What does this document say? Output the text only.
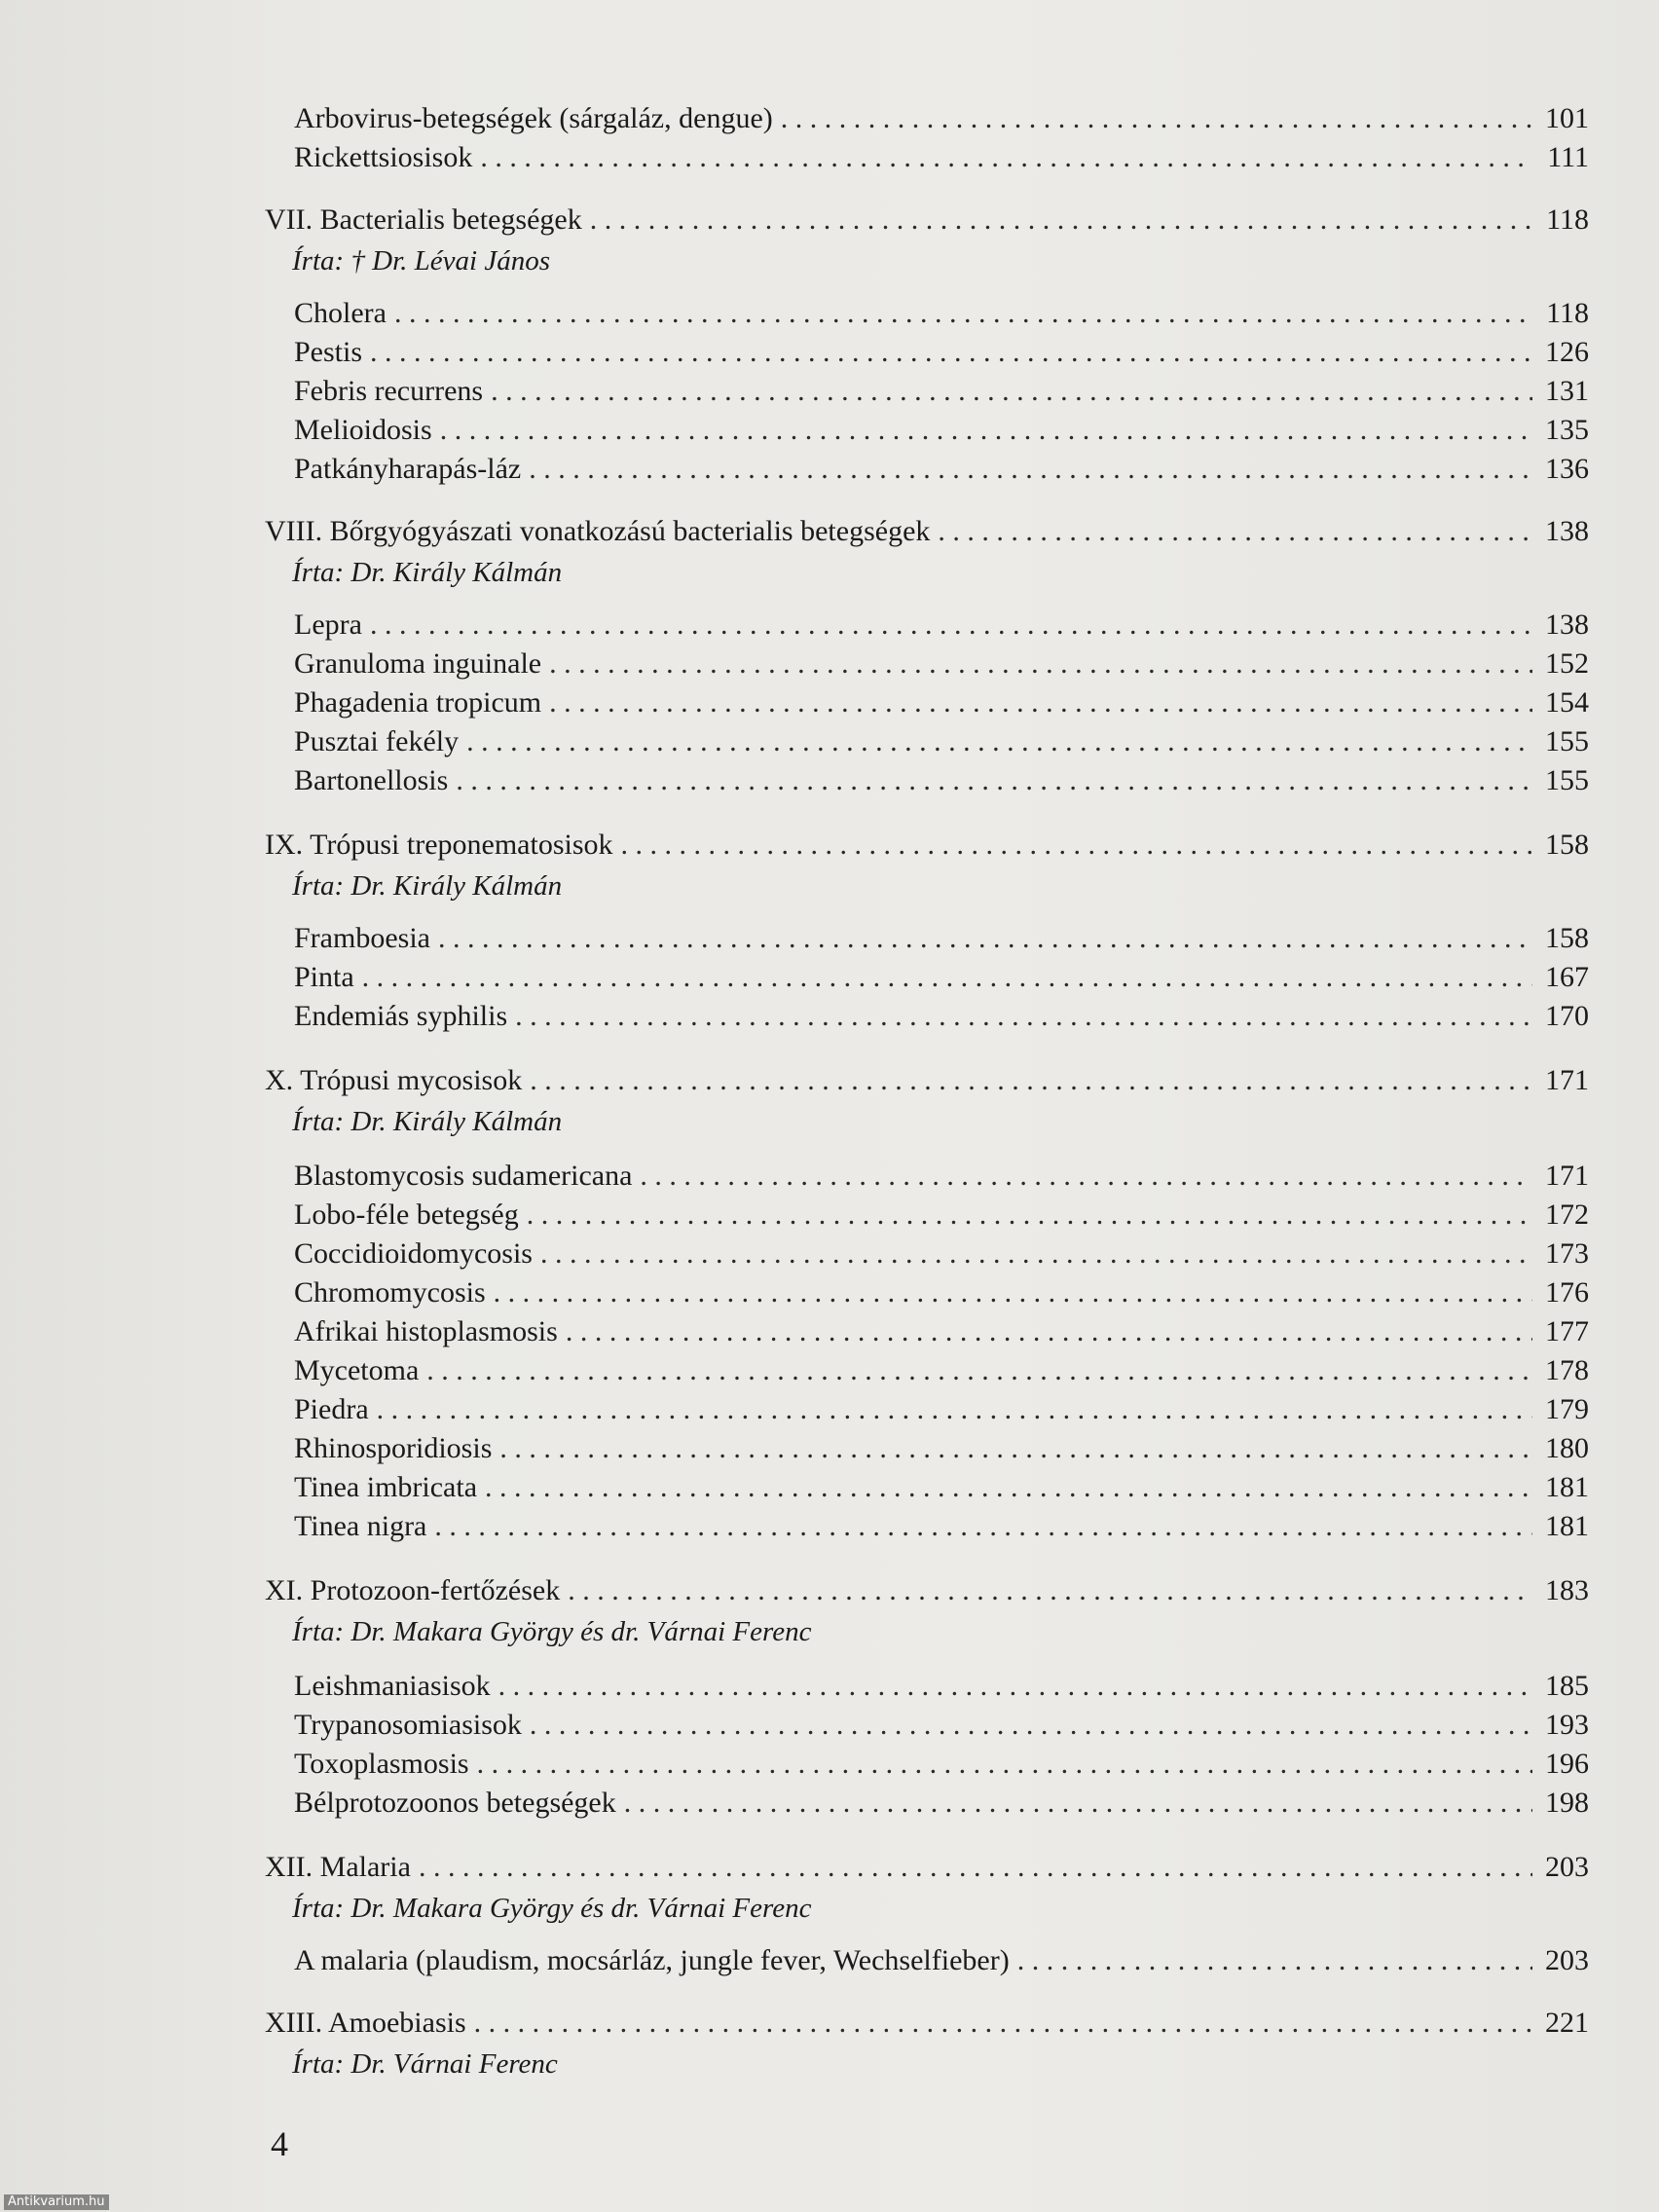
Arbovirus-betegségek (sárgaláz, dengue) . . .	101
Rickettsiosisok . . .	111
VII. Bacterialis betegségek . . .	118
Írta: † Dr. Lévai János
Cholera . . .	118
Pestis . . .	126
Febris recurrens . . .	131
Melioidosis . . .	135
Patkányharapás-láz . . .	136
VIII. Bőrgyógyászati vonatkozású bacterialis betegségek . . .	138
Írta: Dr. Király Kálmán
Lepra . . .	138
Granuloma inguinale . . .	152
Phagadenia tropicum . . .	154
Pusztai fekély . . .	155
Bartonellosis . . .	155
IX. Trópusi treponematosisok . . .	158
Írta: Dr. Király Kálmán
Framboesia . . .	158
Pinta . . .	167
Endemiás syphilis . . .	170
X. Trópusi mycosisok . . .	171
Írta: Dr. Király Kálmán
Blastomycosis sudamericana . . .	171
Lobo-féle betegség . . .	172
Coccidioidomycosis . . .	173
Chromomycosis . . .	176
Afrikai histoplasmosis . . .	177
Mycetoma . . .	178
Piedra . . .	179
Rhinosporidiosis . . .	180
Tinea imbricata . . .	181
Tinea nigra . . .	181
XI. Protozoon-fertőzések . . .	183
Írta: Dr. Makara György és dr. Várnai Ferenc
Leishmaniasisok . . .	185
Trypanosomiasisok . . .	193
Toxoplasmosis . . .	196
Bélprotozoonos betegségek . . .	198
XII. Malaria . . .	203
Írta: Dr. Makara György és dr. Várnai Ferenc
A malaria (plaudism, mocsárláz, jungle fever, Wechselfieber) . . .	203
XIII. Amoebiasis . . .	221
Írta: Dr. Várnai Ferenc
4
Antikvarium.hu
